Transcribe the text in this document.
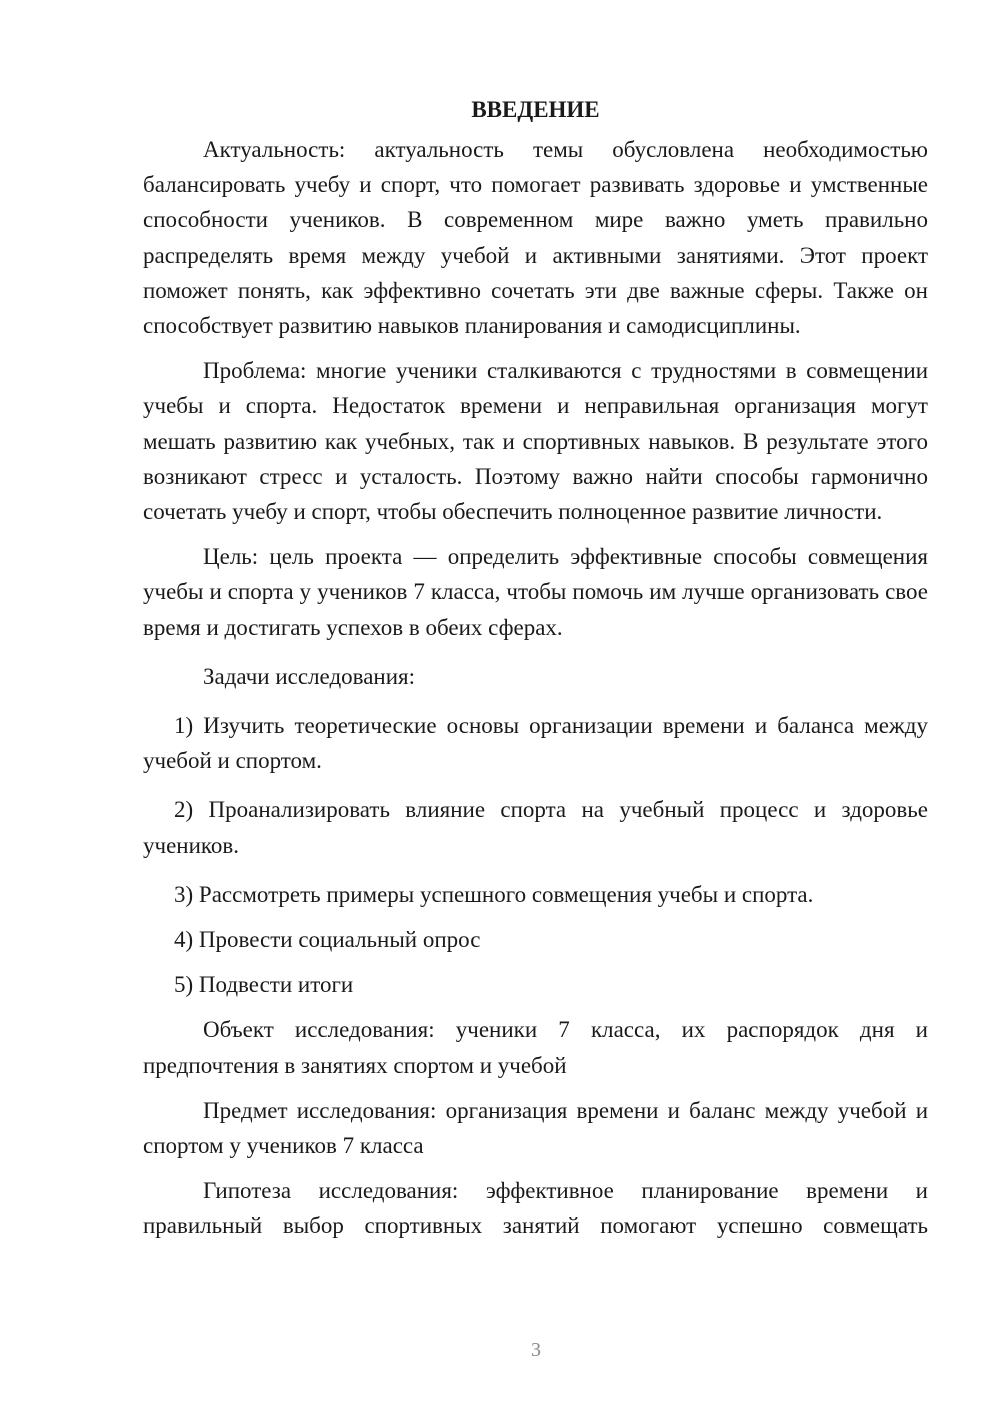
ВВЕДЕНИЕ

Актуальность: актуальность темы обусловлена необходимостью балансировать учебу и спорт, что помогает развивать здоровье и умственные способности учеников. В современном мире важно уметь правильно распределять время между учебой и активными занятиями. Этот проект поможет понять, как эффективно сочетать эти две важные сферы. Также он способствует развитию навыков планирования и самодисциплины.

Проблема: многие ученики сталкиваются с трудностями в совмещении учебы и спорта. Недостаток времени и неправильная организация могут мешать развитию как учебных, так и спортивных навыков. В результате этого возникают стресс и усталость. Поэтому важно найти способы гармонично сочетать учебу и спорт, чтобы обеспечить полноценное развитие личности.

Цель: цель проекта — определить эффективные способы совмещения учебы и спорта у учеников 7 класса, чтобы помочь им лучше организовать свое время и достигать успехов в обеих сферах.

Задачи исследования:

1) Изучить теоретические основы организации времени и баланса между учебой и спортом.

2) Проанализировать влияние спорта на учебный процесс и здоровье учеников.

3) Рассмотреть примеры успешного совмещения учебы и спорта.

4) Провести социальный опрос

5) Подвести итоги

Объект исследования: ученики 7 класса, их распорядок дня и предпочтения в занятиях спортом и учебой

Предмет исследования: организация времени и баланс между учебой и спортом у учеников 7 класса

Гипотеза исследования: эффективное планирование времени и правильный выбор спортивных занятий помогают успешно совмещать

3
